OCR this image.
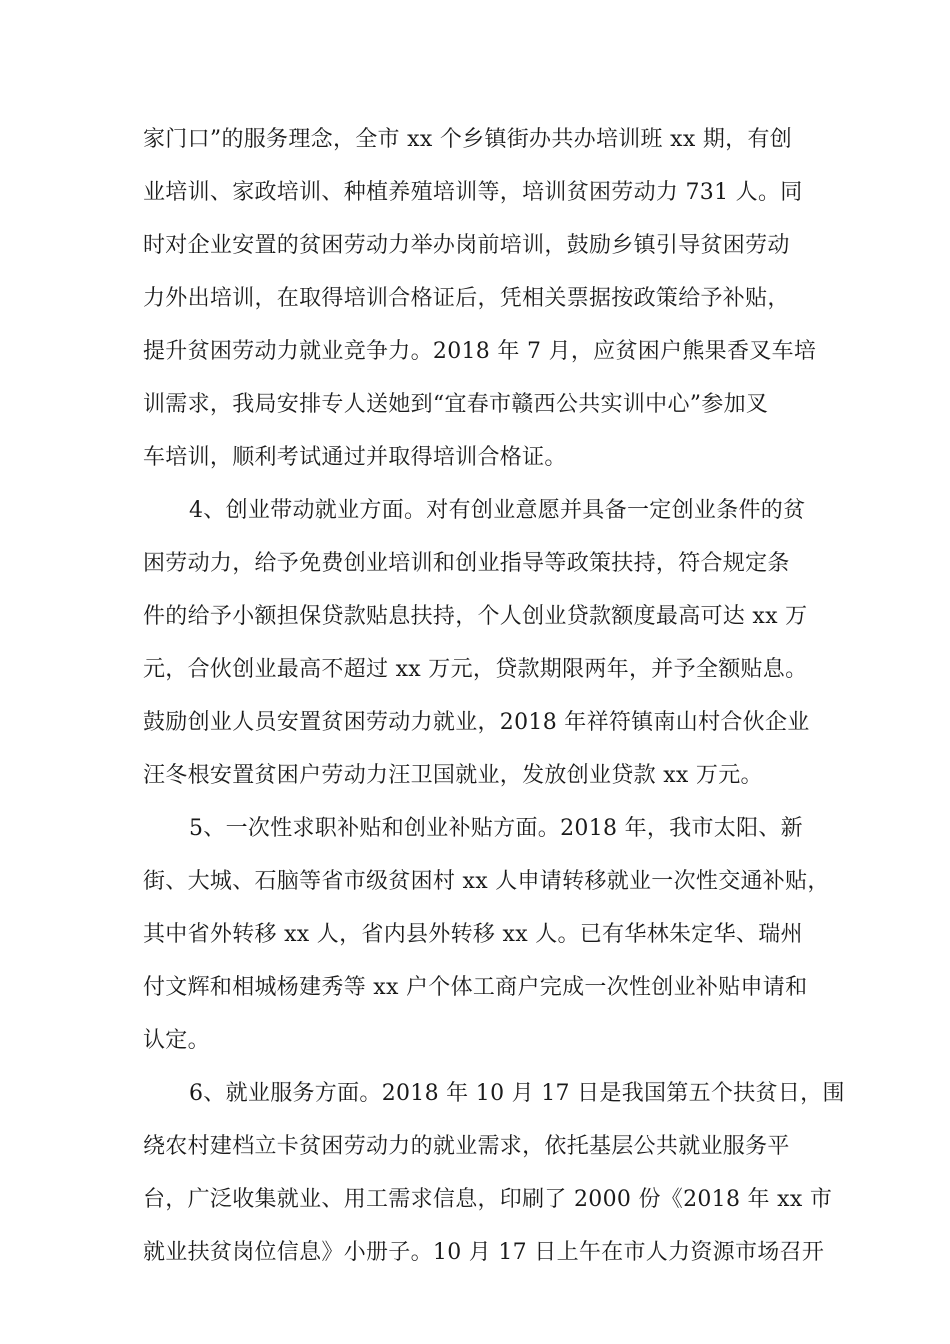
家门口”的服务理念，全市 xx 个乡镇街办共办培训班 xx 期，有创
业培训、家政培训、种植养殖培训等，培训贫困劳动力 731 人。同
时对企业安置的贫困劳动力举办岗前培训，鼓励乡镇引导贫困劳动
力外出培训，在取得培训合格证后，凭相关票据按政策给予补贴，
提升贫困劳动力就业竞争力。2018 年 7 月，应贫困户熊果香叉车培
训需求，我局安排专人送她到“宜春市赣西公共实训中心”参加叉
车培训，顺利考试通过并取得培训合格证。
4、创业带动就业方面。对有创业意愿并具备一定创业条件的贫
困劳动力，给予免费创业培训和创业指导等政策扶持，符合规定条
件的给予小额担保贷款贴息扶持，个人创业贷款额度最高可达 xx 万
元，合伙创业最高不超过 xx 万元，贷款期限两年，并予全额贴息。
鼓励创业人员安置贫困劳动力就业，2018 年祥符镇南山村合伙企业
汪冬根安置贫困户劳动力汪卫国就业，发放创业贷款 xx 万元。
5、一次性求职补贴和创业补贴方面。2018 年，我市太阳、新
街、大城、石脑等省市级贫困村 xx 人申请转移就业一次性交通补贴，
其中省外转移 xx 人，省内县外转移 xx 人。已有华林朱定华、瑞州
付文辉和相城杨建秀等 xx 户个体工商户完成一次性创业补贴申请和
认定。
6、就业服务方面。2018 年 10 月 17 日是我国第五个扶贫日，围
绕农村建档立卡贫困劳动力的就业需求，依托基层公共就业服务平
台，广泛收集就业、用工需求信息，印刷了 2000 份《2018 年 xx 市
就业扶贫岗位信息》小册子。10 月 17 日上午在市人力资源市场召开
